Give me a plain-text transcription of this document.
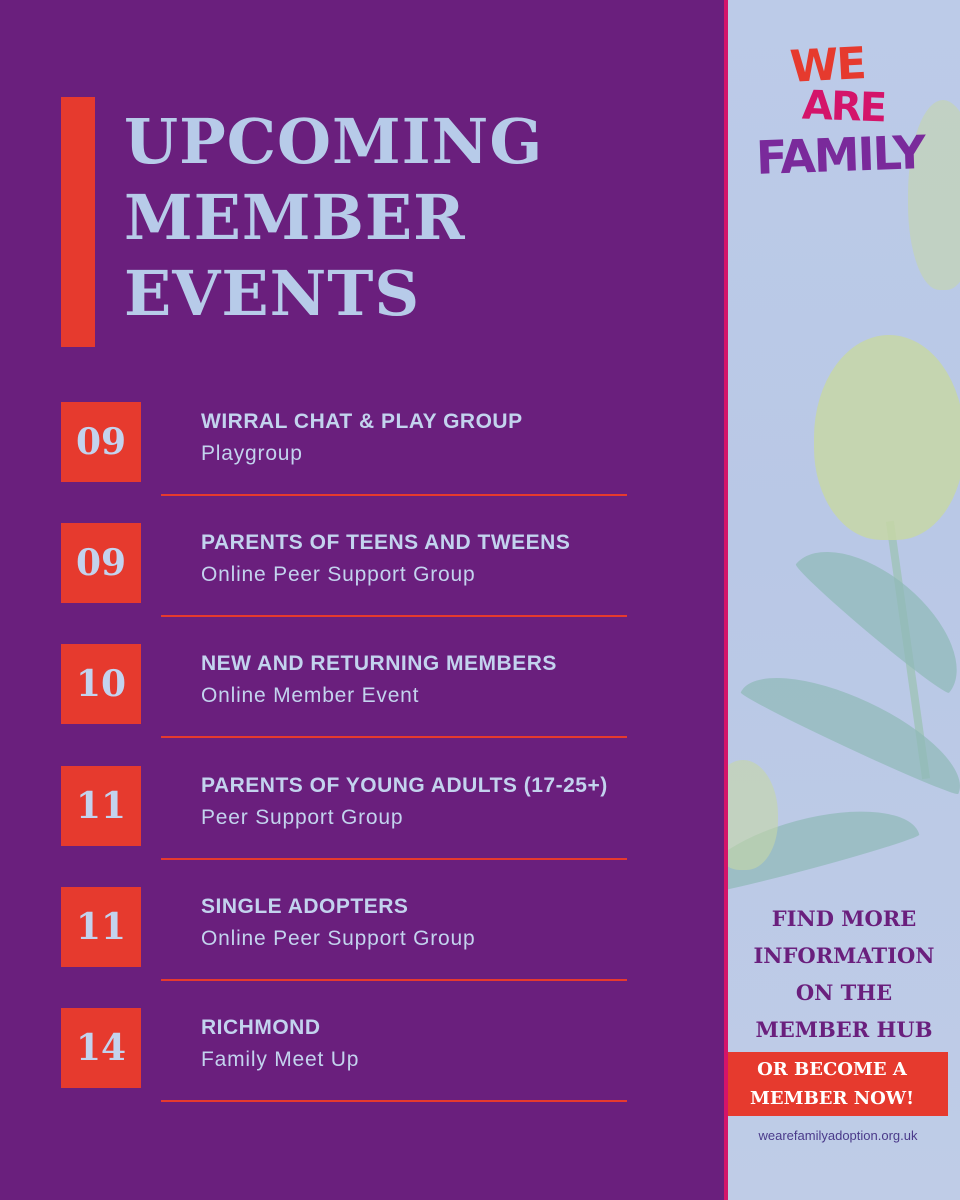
UPCOMING
MEMBER
EVENTS
09	WIRRAL CHAT & PLAY GROUP
Playgroup
09	PARENTS OF TEENS AND TWEENS
Online Peer Support Group
10	NEW AND RETURNING MEMBERS
Online Member Event
11	PARENTS OF YOUNG ADULTS (17-25+)
Peer Support Group
11	SINGLE ADOPTERS
Online Peer Support Group
14	RICHMOND
Family Meet Up
WE
ARE
FAMILY

FIND MORE
INFORMATION
ON THE
MEMBER HUB

OR BECOME A
MEMBER NOW!
wearefamilyadoption.org.uk
